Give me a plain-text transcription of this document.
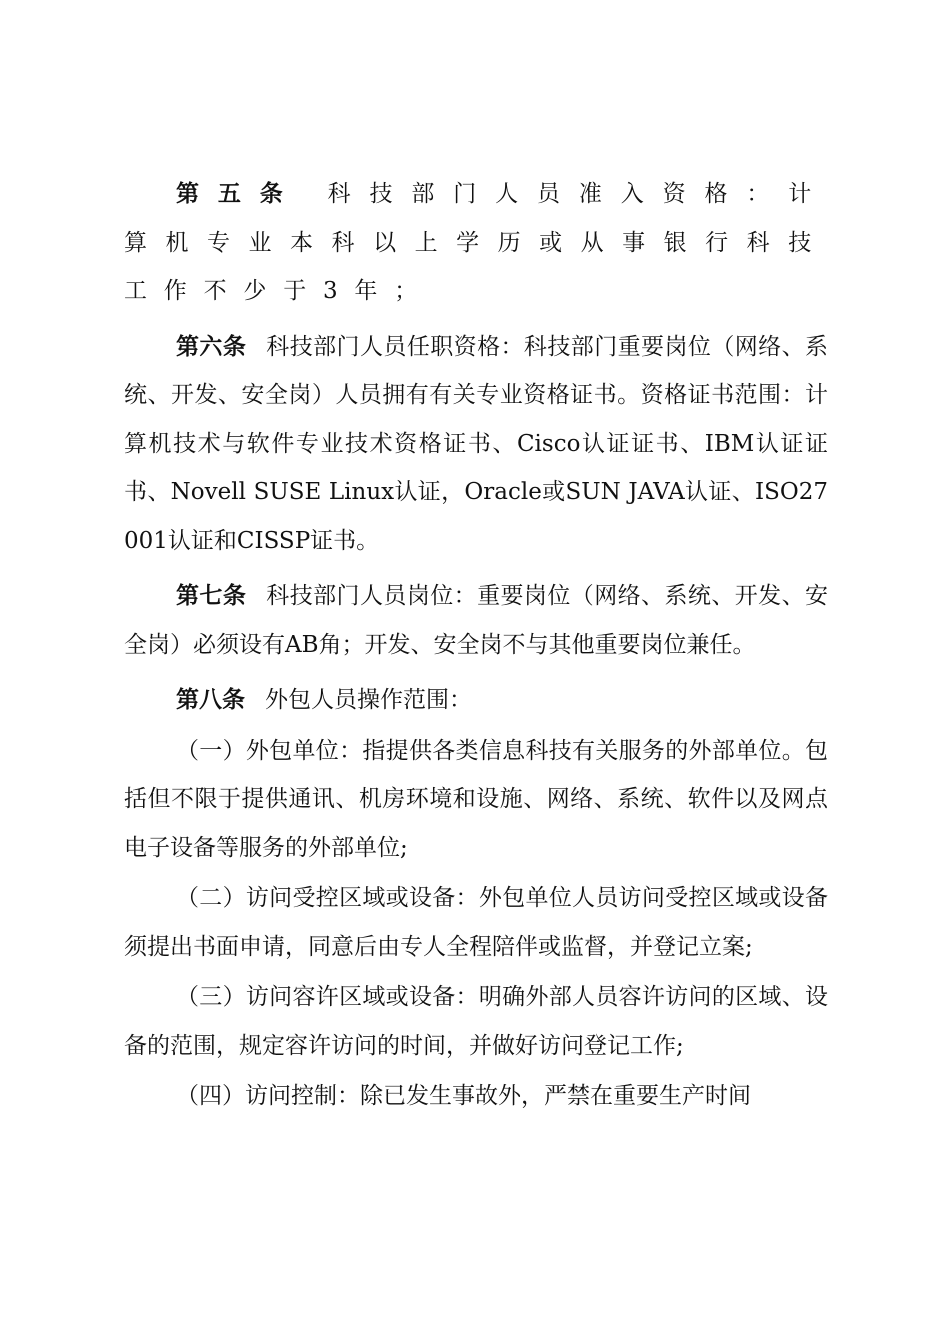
第五条 科技部门人员准入资格：计算机专业本科以上学历或从事银行科技工作不少于3年；

第六条 科技部门人员任职资格：科技部门重要岗位（网络、系统、开发、安全岗）人员拥有有关专业资格证书。资格证书范围：计算机技术与软件专业技术资格证书、Cisco认证证书、IBM认证证书、Novell SUSE Linux认证，Oracle或SUN JAVA认证、ISO27001认证和CISSP证书。

第七条 科技部门人员岗位：重要岗位（网络、系统、开发、安全岗）必须设有AB角；开发、安全岗不与其他重要岗位兼任。

第八条 外包人员操作范围：

（一）外包单位：指提供各类信息科技有关服务的外部单位。包括但不限于提供通讯、机房环境和设施、网络、系统、软件以及网点电子设备等服务的外部单位;

（二）访问受控区域或设备：外包单位人员访问受控区域或设备须提出书面申请，同意后由专人全程陪伴或监督，并登记立案;

（三）访问容许区域或设备：明确外部人员容许访问的区域、设备的范围，规定容许访问的时间，并做好访问登记工作;

（四）访问控制：除已发生事故外，严禁在重要生产时间
